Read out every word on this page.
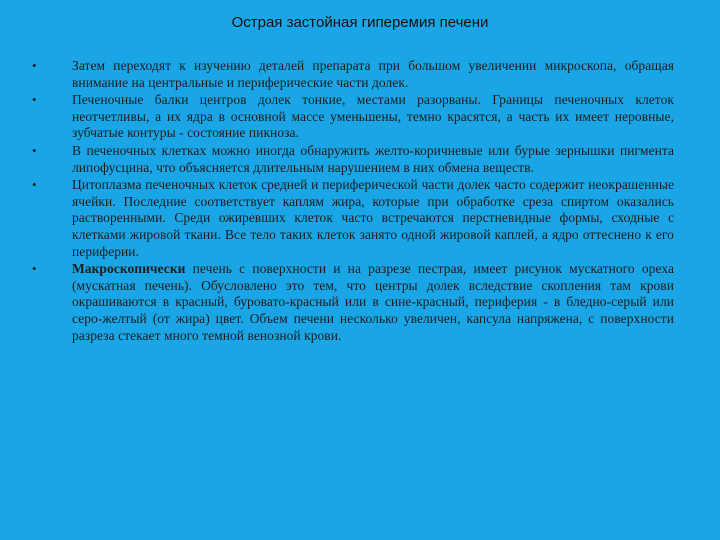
Острая застойная гиперемия печени
•	Затем переходят к изучению деталей препарата при большом увеличении микроскопа, обращая внимание на центральные и периферические части долек.
•	Печеночные балки центров долек тонкие, местами разорваны. Границы печеночных клеток неотчетливы, а их ядра в основной массе уменьшены, темно красятся, а часть их имеет неровные, зубчатые контуры - состояние пикноза.
•	В печеночных клетках можно иногда обнаружить желто-коричневые или бурые зернышки пигмента липофусцина, что объясняется длительным нарушением в них обмена веществ.
•	Цитоплазма печеночных клеток средней и периферической части долек часто содержит неокрашенные ячейки. Последние соответствует каплям жира, которые при обработке среза спиртом оказались растворенными. Среди ожиревших клеток часто встречаются перстневидные формы, сходные с клетками жировой ткани. Все тело таких клеток занято одной жировой каплей, а ядро оттеснено к его периферии.
•	Макроскопически печень с поверхности и на разрезе пестрая, имеет рисунок мускатного ореха (мускатная печень). Обусловлено это тем, что центры долек вследствие скопления там крови окрашиваются в красный, буровато-красный или в сине-красный, периферия - в бледно-серый или серо-желтый (от жира) цвет. Объем печени несколько увеличен, капсула напряжена, с поверхности разреза стекает много темной венозной крови.
